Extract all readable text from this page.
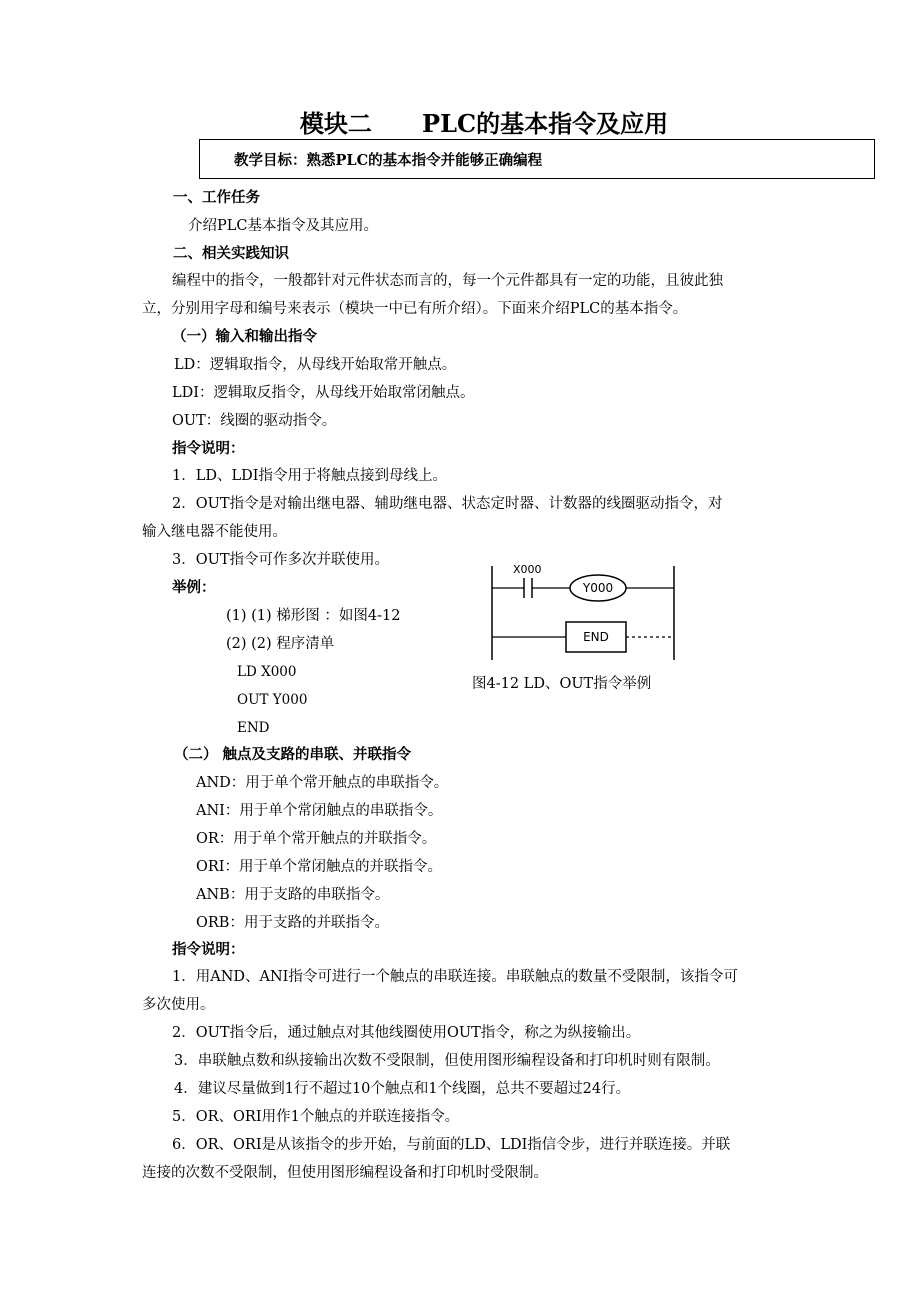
模块二      PLC的基本指令及应用
教学目标：熟悉PLC的基本指令并能够正确编程
一、工作任务
介绍PLC基本指令及其应用。
二、相关实践知识
编程中的指令，一般都针对元件状态而言的，每一个元件都具有一定的功能，且彼此独
立，分别用字母和编号来表示（模块一中已有所介绍）。下面来介绍PLC的基本指令。
（一）输入和输出指令
LD：逻辑取指令，从母线开始取常开触点。
LDI：逻辑取反指令，从母线开始取常闭触点。
OUT：线圈的驱动指令。
指令说明：
1．LD、LDI指令用于将触点接到母线上。
2．OUT指令是对输出继电器、辅助继电器、状态定时器、计数器的线圈驱动指令，对
输入继电器不能使用。
3．OUT指令可作多次并联使用。
举例：
(1) (1) 梯形图 ：如图4-12
(2) (2) 程序清单
LD X000
OUT Y000
END
X000
Y000
END
图4-12 LD、OUT指令举例
（二） 触点及支路的串联、并联指令
AND：用于单个常开触点的串联指令。
ANI：用于单个常闭触点的串联指令。
OR：用于单个常开触点的并联指令。
ORI：用于单个常闭触点的并联指令。
ANB：用于支路的串联指令。
ORB：用于支路的并联指令。
指令说明：
1．用AND、ANI指令可进行一个触点的串联连接。串联触点的数量不受限制，该指令可
多次使用。
2．OUT指令后，通过触点对其他线圈使用OUT指令，称之为纵接输出。
3．串联触点数和纵接输出次数不受限制，但使用图形编程设备和打印机时则有限制。
4．建议尽量做到1行不超过10个触点和1个线圈，总共不要超过24行。
5．OR、ORI用作1个触点的并联连接指令。
6．OR、ORI是从该指令的步开始，与前面的LD、LDI指信令步，进行并联连接。并联
连接的次数不受限制，但使用图形编程设备和打印机时受限制。
